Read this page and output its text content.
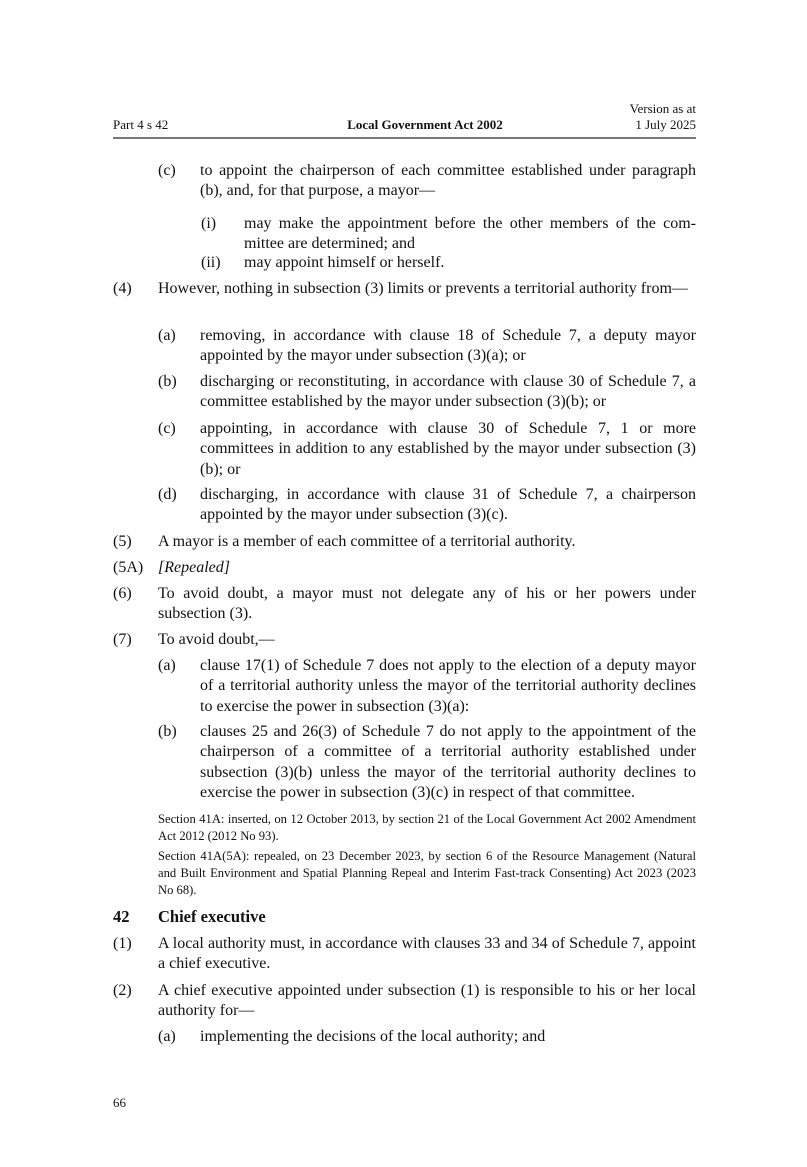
Part 4 s 42	Local Government Act 2002
Version as at
1 July 2025
(c) to appoint the chairperson of each committee established under paragraph (b), and, for that purpose, a mayor—
(i) may make the appointment before the other members of the committee are determined; and
(ii) may appoint himself or herself.
(4) However, nothing in subsection (3) limits or prevents a territorial authority from—
(a) removing, in accordance with clause 18 of Schedule 7, a deputy mayor appointed by the mayor under subsection (3)(a); or
(b) discharging or reconstituting, in accordance with clause 30 of Schedule 7, a committee established by the mayor under subsection (3)(b); or
(c) appointing, in accordance with clause 30 of Schedule 7, 1 or more committees in addition to any established by the mayor under subsection (3)(b); or
(d) discharging, in accordance with clause 31 of Schedule 7, a chairperson appointed by the mayor under subsection (3)(c).
(5) A mayor is a member of each committee of a territorial authority.
(5A) [Repealed]
(6) To avoid doubt, a mayor must not delegate any of his or her powers under subsection (3).
(7) To avoid doubt,—
(a) clause 17(1) of Schedule 7 does not apply to the election of a deputy mayor of a territorial authority unless the mayor of the territorial authority declines to exercise the power in subsection (3)(a):
(b) clauses 25 and 26(3) of Schedule 7 do not apply to the appointment of the chairperson of a committee of a territorial authority established under subsection (3)(b) unless the mayor of the territorial authority declines to exercise the power in subsection (3)(c) in respect of that committee.
Section 41A: inserted, on 12 October 2013, by section 21 of the Local Government Act 2002 Amendment Act 2012 (2012 No 93).
Section 41A(5A): repealed, on 23 December 2023, by section 6 of the Resource Management (Natural and Built Environment and Spatial Planning Repeal and Interim Fast-track Consenting) Act 2023 (2023 No 68).
42 Chief executive
(1) A local authority must, in accordance with clauses 33 and 34 of Schedule 7, appoint a chief executive.
(2) A chief executive appointed under subsection (1) is responsible to his or her local authority for—
(a) implementing the decisions of the local authority; and
66
